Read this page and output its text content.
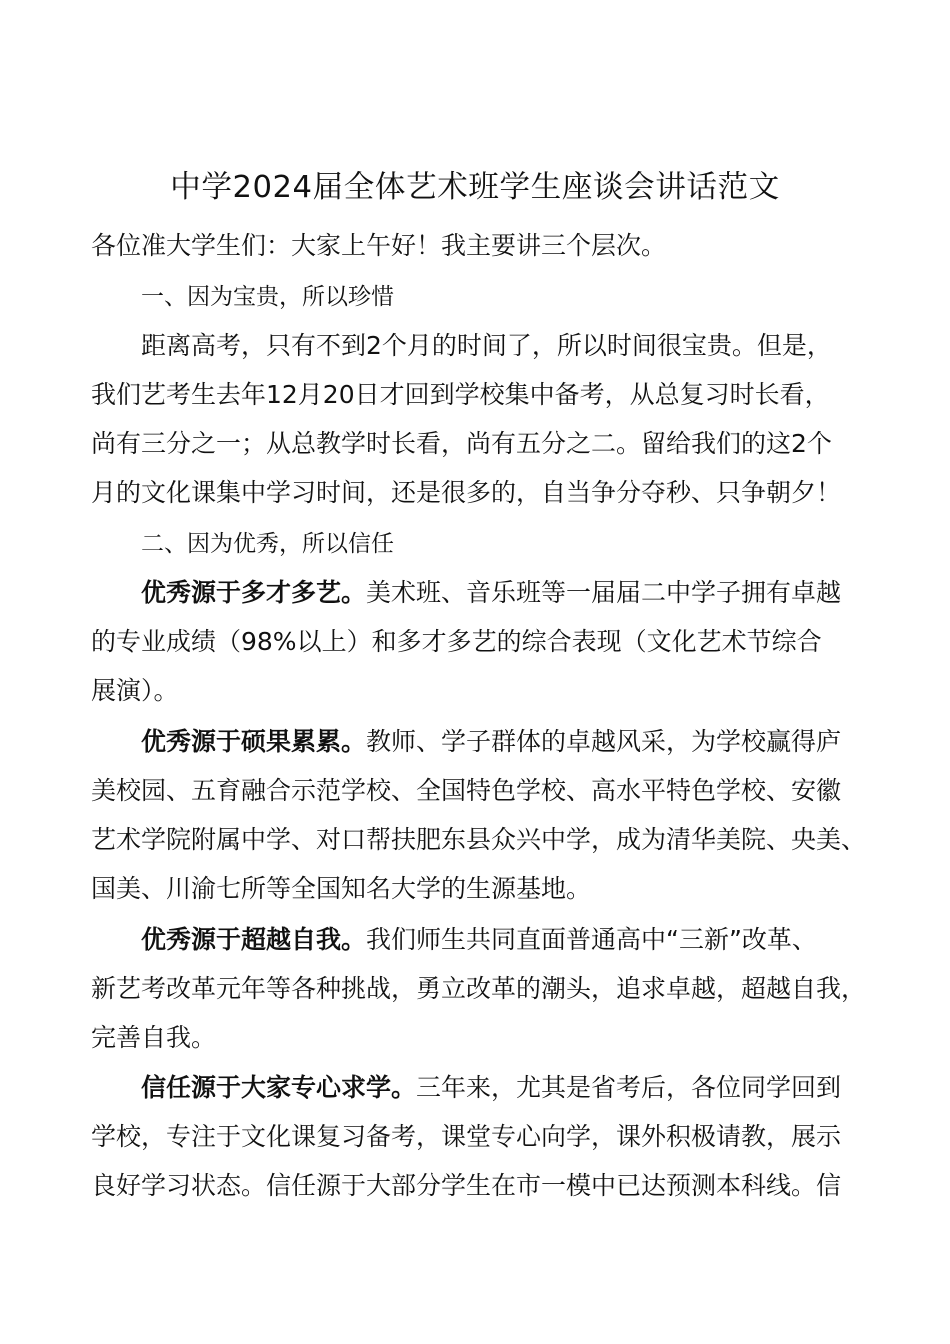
中学2024届全体艺术班学生座谈会讲话范文
各位准大学生们：大家上午好！我主要讲三个层次。
一、因为宝贵，所以珍惜
距离高考，只有不到2个月的时间了，所以时间很宝贵。但是，
我们艺考生去年12月20日才回到学校集中备考，从总复习时长看，
尚有三分之一；从总教学时长看，尚有五分之二。留给我们的这2个
月的文化课集中学习时间，还是很多的，自当争分夺秒、只争朝夕！
二、因为优秀，所以信任
优秀源于多才多艺。美术班、音乐班等一届届二中学子拥有卓越
的专业成绩（98%以上）和多才多艺的综合表现（文化艺术节综合
展演）。
优秀源于硕果累累。教师、学子群体的卓越风采，为学校赢得庐
美校园、五育融合示范学校、全国特色学校、高水平特色学校、安徽
艺术学院附属中学、对口帮扶肥东县众兴中学，成为清华美院、央美、
国美、川渝七所等全国知名大学的生源基地。
优秀源于超越自我。我们师生共同直面普通高中“三新”改革、
新艺考改革元年等各种挑战，勇立改革的潮头，追求卓越，超越自我，
完善自我。
信任源于大家专心求学。三年来，尤其是省考后，各位同学回到
学校，专注于文化课复习备考，课堂专心向学，课外积极请教，展示
良好学习状态。信任源于大部分学生在市一模中已达预测本科线。信
